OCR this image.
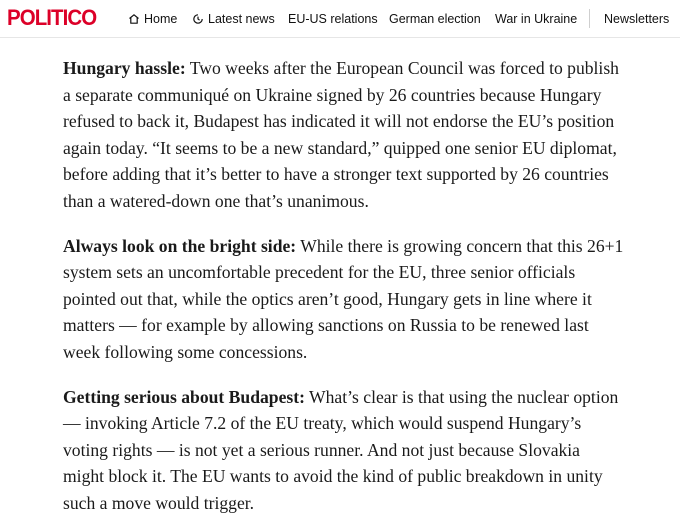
POLITICO	Home Latest news EU-US relations German election War in Ukraine Newsletters

Hungary hassle: Two weeks after the European Council was forced to publish
a separate communiqué on Ukraine signed by 26 countries because Hungary
refused to back it, Budapest has indicated it will not endorse the EU’s position
again today. “It seems to be a new standard,” quipped one senior EU diplomat,
before adding that it’s better to have a stronger text supported by 26 countries
than a watered-down one that’s unanimous.

Always look on the bright side: While there is growing concern that this 26+1
system sets an uncomfortable precedent for the EU, three senior officials
pointed out that, while the optics aren’t good, Hungary gets in line where it
matters — for example by allowing sanctions on Russia to be renewed last
week following some concessions.

Getting serious about Budapest: What’s clear is that using the nuclear option
— invoking Article 7.2 of the EU treaty, which would suspend Hungary’s
voting rights — is not yet a serious runner. And not just because Slovakia
might block it. The EU wants to avoid the kind of public breakdown in unity
such a move would trigger.
